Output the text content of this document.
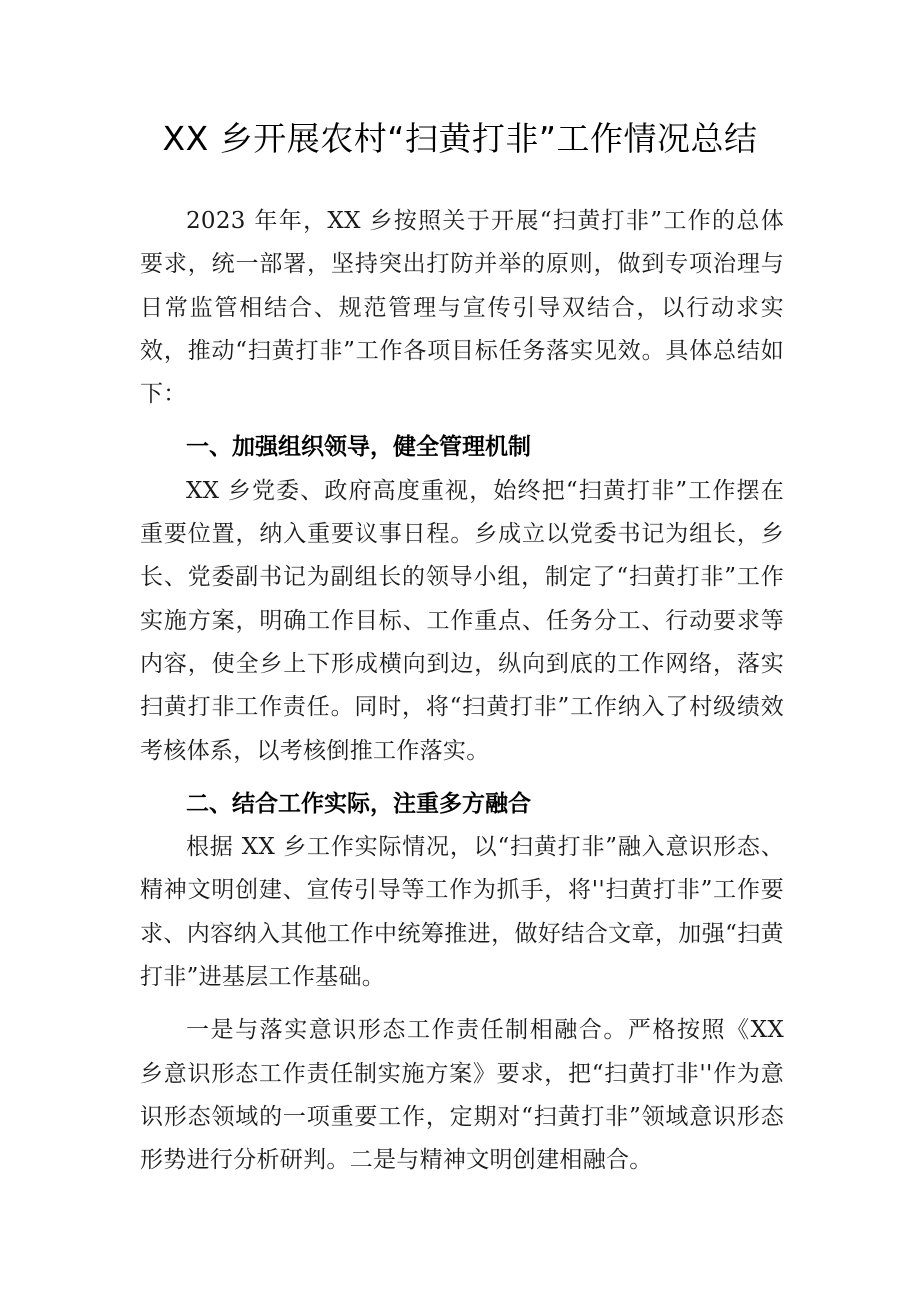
XX 乡开展农村“扫黄打非”工作情况总结

2023 年年，XX 乡按照关于开展“扫黄打非”工作的总体要求，统一部署，坚持突出打防并举的原则，做到专项治理与日常监管相结合、规范管理与宣传引导双结合，以行动求实效，推动“扫黄打非”工作各项目标任务落实见效。具体总结如下：

一、加强组织领导，健全管理机制

XX 乡党委、政府高度重视，始终把“扫黄打非”工作摆在重要位置，纳入重要议事日程。乡成立以党委书记为组长，乡长、党委副书记为副组长的领导小组，制定了“扫黄打非”工作实施方案，明确工作目标、工作重点、任务分工、行动要求等内容，使全乡上下形成横向到边，纵向到底的工作网络，落实扫黄打非工作责任。同时，将“扫黄打非”工作纳入了村级绩效考核体系，以考核倒推工作落实。

二、结合工作实际，注重多方融合

根据 XX 乡工作实际情况，以“扫黄打非”融入意识形态、精神文明创建、宣传引导等工作为抓手，将''扫黄打非”工作要求、内容纳入其他工作中统筹推进，做好结合文章，加强“扫黄打非”进基层工作基础。

一是与落实意识形态工作责任制相融合。严格按照《XX 乡意识形态工作责任制实施方案》要求，把“扫黄打非''作为意识形态领域的一项重要工作，定期对“扫黄打非”领域意识形态形势进行分析研判。二是与精神文明创建相融合。
